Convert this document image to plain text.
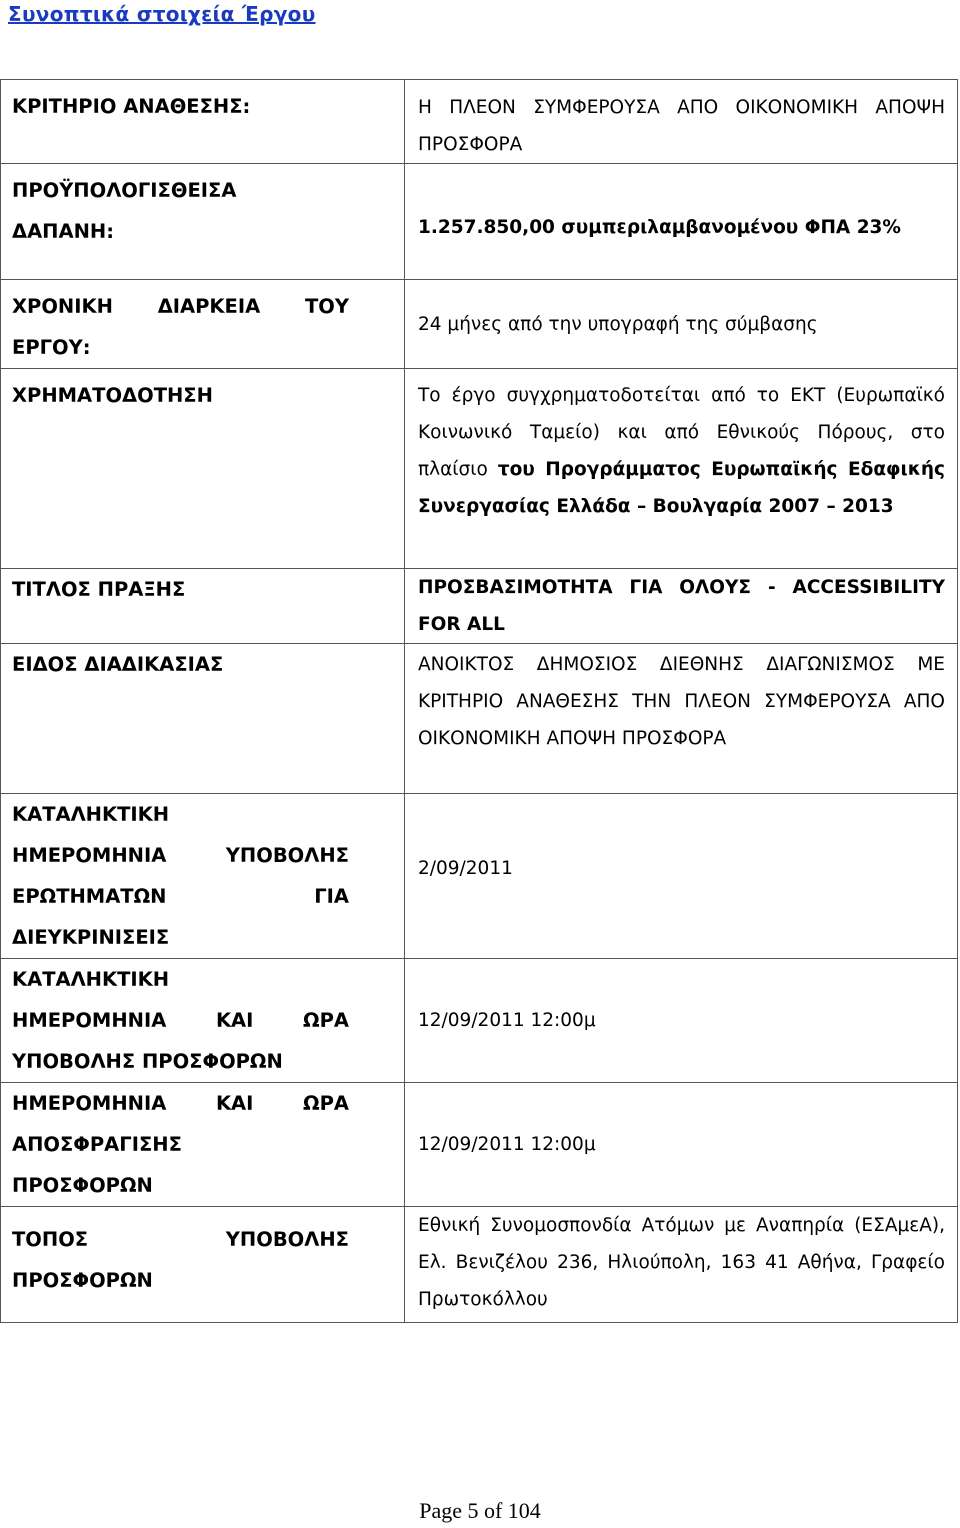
Συνοπτικά στοιχεία Έργου
ΚΡΙΤΗΡΙΟ ΑΝΑΘΕΣΗΣ:	Η ΠΛΕΟΝ ΣΥΜΦΕΡΟΥΣΑ ΑΠΟ ΟΙΚΟΝΟΜΙΚΗ ΑΠΟΨΗ ΠΡΟΣΦΟΡΑ
ΠΡΟΫΠΟΛΟΓΙΣΘΕΙΣΑ
ΔΑΠΑΝΗ:	1.257.850,00 συμπεριλαμβανομένου ΦΠΑ 23%

ΧΡΟΝΙΚΗ ΔΙΑΡΚΕΙΑ ΤΟΥ
ΕΡΓΟΥ:	24 μήνες από την υπογραφή της σύμβασης
ΧΡΗΜΑΤΟΔΟΤΗΣΗ	Το έργο συγχρηματοδοτείται από το ΕΚΤ (Ευρωπαϊκό Κοινωνικό Ταμείο) και από Εθνικούς Πόρους, στο πλαίσιο του Προγράμματος Ευρωπαϊκής Εδαφικής Συνεργασίας Ελλάδα – Βουλγαρία 2007 – 2013
ΤΙΤΛΟΣ ΠΡΑΞΗΣ	ΠΡΟΣΒΑΣΙΜΟΤΗΤΑ ΓΙΑ ΟΛΟΥΣ - ACCESSIBILITY FOR ALL
ΕΙΔΟΣ ΔΙΑΔΙΚΑΣΙΑΣ	ΑΝΟΙΚΤΟΣ ΔΗΜΟΣΙΟΣ ΔΙΕΘΝΗΣ ΔΙΑΓΩΝΙΣΜΟΣ ΜΕ ΚΡΙΤΗΡΙΟ ΑΝΑΘΕΣΗΣ ΤΗΝ ΠΛΕΟΝ ΣΥΜΦΕΡΟΥΣΑ ΑΠΟ ΟΙΚΟΝΟΜΙΚΗ ΑΠΟΨΗ ΠΡΟΣΦΟΡΑ
ΚΑΤΑΛΗΚΤΙΚΗ

ΗΜΕΡΟΜΗΝΙΑ ΥΠΟΒΟΛΗΣ
ΕΡΩΤΗΜΑΤΩΝ ΓΙΑ
ΔΙΕΥΚΡΙΝΙΣΕΙΣ	2/09/2011
ΚΑΤΑΛΗΚΤΙΚΗ

ΗΜΕΡΟΜΗΝΙΑ ΚΑΙ ΩΡΑ
ΥΠΟΒΟΛΗΣ ΠΡΟΣΦΟΡΩΝ	12/09/2011 12:00μ

ΗΜΕΡΟΜΗΝΙΑ ΚΑΙ ΩΡΑ
ΑΠΟΣΦΡΑΓΙΣΗΣ
ΠΡΟΣΦΟΡΩΝ	12/09/2011 12:00μ

ΤΟΠΟΣ ΥΠΟΒΟΛΗΣ
ΠΡΟΣΦΟΡΩΝ	Εθνική Συνομοσπονδία Ατόμων με Αναπηρία (ΕΣΑμεΑ), Ελ. Βενιζέλου 236, Ηλιούπολη, 163 41 Αθήνα, Γραφείο Πρωτοκόλλου
Page 5 of 104
